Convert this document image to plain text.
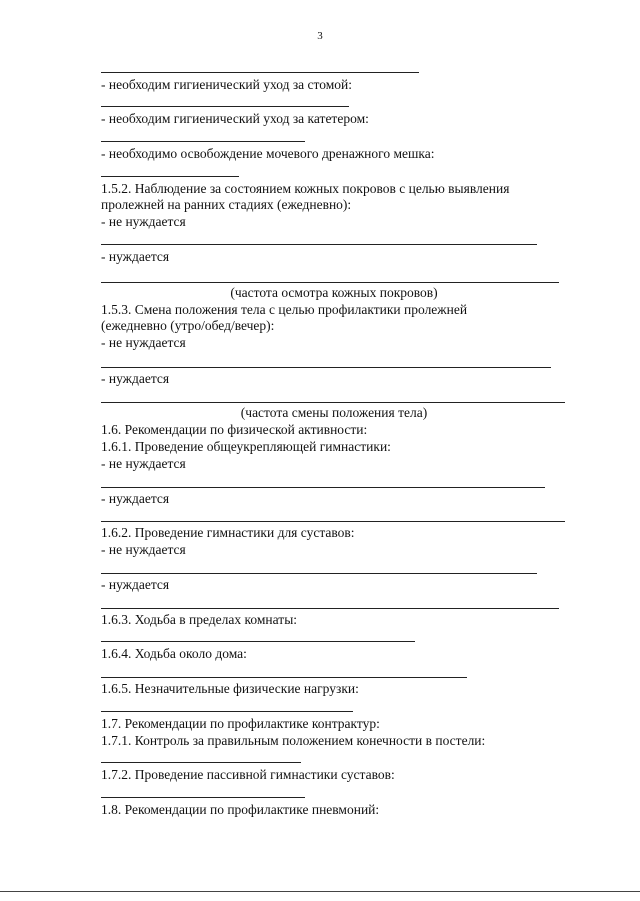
3
- необходим гигиенический уход за стомой:
- необходим гигиенический уход за катетером:
- необходимо освобождение мочевого дренажного мешка:
1.5.2. Наблюдение за состоянием кожных покровов с целью выявления
пролежней на ранних стадиях (ежедневно):
- не нуждается
- нуждается
(частота осмотра кожных покровов)
1.5.3. Смена положения тела с целью профилактики пролежней
(ежедневно (утро/обед/вечер):
- не нуждается
- нуждается
(частота смены положения тела)
1.6. Рекомендации по физической активности:
1.6.1. Проведение общеукрепляющей гимнастики:
- не нуждается
- нуждается
1.6.2. Проведение гимнастики для суставов:
- не нуждается
- нуждается
1.6.3. Ходьба в пределах комнаты:
1.6.4. Ходьба около дома:
1.6.5. Незначительные физические нагрузки:
1.7. Рекомендации по профилактике контрактур:
1.7.1. Контроль за правильным положением конечности в постели:
1.7.2. Проведение пассивной гимнастики суставов:
1.8. Рекомендации по профилактике пневмоний:
